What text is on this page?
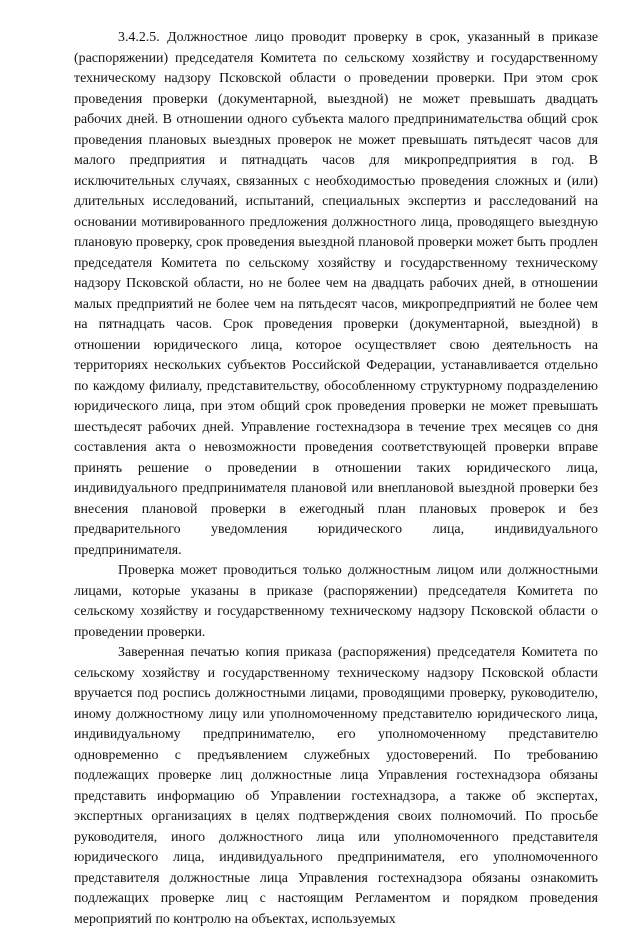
3.4.2.5. Должностное лицо проводит проверку в срок, указанный в приказе (распоряжении) председателя Комитета по сельскому хозяйству и государственному техническому надзору Псковской области о проведении проверки. При этом срок проведения проверки (документарной, выездной) не может превышать двадцать рабочих дней. В отношении одного субъекта малого предпринимательства общий срок проведения плановых выездных проверок не может превышать пятьдесят часов для малого предприятия и пятнадцать часов для микропредприятия в год. В исключительных случаях, связанных с необходимостью проведения сложных и (или) длительных исследований, испытаний, специальных экспертиз и расследований на основании мотивированного предложения должностного лица, проводящего выездную плановую проверку, срок проведения выездной плановой проверки может быть продлен председателя Комитета по сельскому хозяйству и государственному техническому надзору Псковской области, но не более чем на двадцать рабочих дней, в отношении малых предприятий не более чем на пятьдесят часов, микропредприятий не более чем на пятнадцать часов. Срок проведения проверки (документарной, выездной) в отношении юридического лица, которое осуществляет свою деятельность на территориях нескольких субъектов Российской Федерации, устанавливается отдельно по каждому филиалу, представительству, обособленному структурному подразделению юридического лица, при этом общий срок проведения проверки не может превышать шестьдесят рабочих дней. Управление гостехнадзора в течение трех месяцев со дня составления акта о невозможности проведения соответствующей проверки вправе принять решение о проведении в отношении таких юридического лица, индивидуального предпринимателя плановой или внеплановой выездной проверки без внесения плановой проверки в ежегодный план плановых проверок и без предварительного уведомления юридического лица, индивидуального предпринимателя.

Проверка может проводиться только должностным лицом или должностными лицами, которые указаны в приказе (распоряжении) председателя Комитета по сельскому хозяйству и государственному техническому надзору Псковской области о проведении проверки.

Заверенная печатью копия приказа (распоряжения) председателя Комитета по сельскому хозяйству и государственному техническому надзору Псковской области вручается под роспись должностными лицами, проводящими проверку, руководителю, иному должностному лицу или уполномоченному представителю юридического лица, индивидуальному предпринимателю, его уполномоченному представителю одновременно с предъявлением служебных удостоверений. По требованию подлежащих проверке лиц должностные лица Управления гостехнадзора обязаны представить информацию об Управлении гостехнадзора, а также об экспертах, экспертных организациях в целях подтверждения своих полномочий. По просьбе руководителя, иного должностного лица или уполномоченного представителя юридического лица, индивидуального предпринимателя, его уполномоченного представителя должностные лица Управления гостехнадзора обязаны ознакомить подлежащих проверке лиц с настоящим Регламентом и порядком проведения мероприятий по контролю на объектах, используемых
